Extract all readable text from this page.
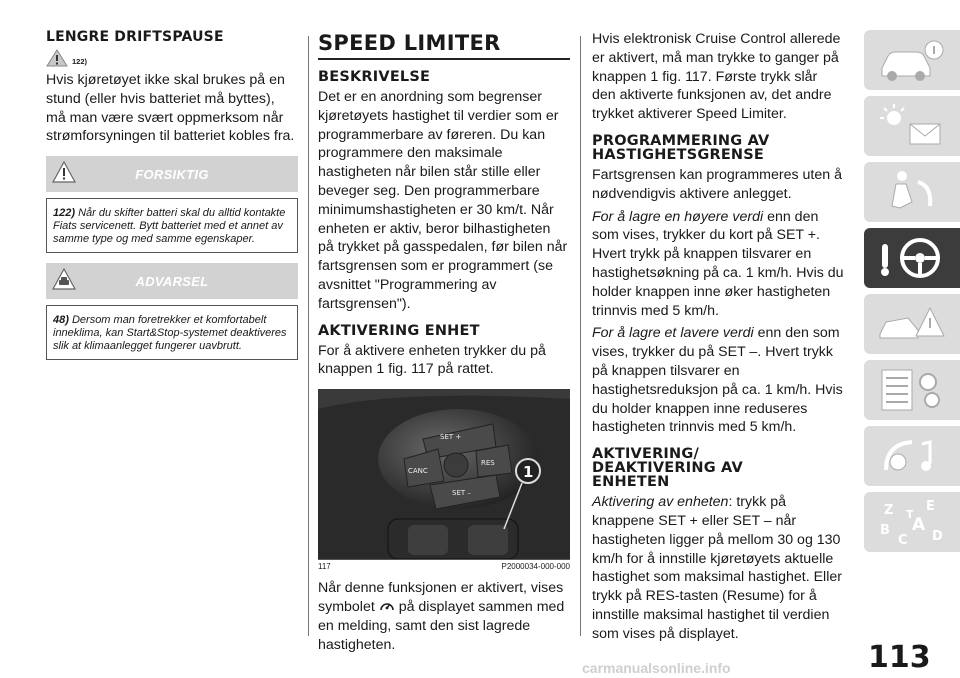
LENGRE DRIFTSPAUSE
122)

Hvis kjøretøyet ikke skal brukes på en stund (eller hvis batteriet må byttes), må man være svært oppmerksom når strømforsyningen til batteriet kobles fra.

FORSIKTIG
122) Når du skifter batteri skal du alltid kontakte Fiats servicenett. Bytt batteriet med et annet av samme type og med samme egenskaper.
ADVARSEL
48) Dersom man foretrekker et komfortabelt inneklima, kan Start&Stop-systemet deaktiveres slik at klimaanlegget fungerer uavbrutt.
SPEED LIMITER
BESKRIVELSE

Det er en anordning som begrenser kjøretøyets hastighet til verdier som er programmerbare av føreren. Du kan programmere den maksimale hastigheten når bilen står stille eller beveger seg. Den programmerbare minimumshastigheten er 30 km/t. Når enheten er aktiv, beror bilhastigheten på trykket på gasspedalen, før bilen når fartsgrensen som er programmert (se avsnittet "Programmering av fartsgrensen").

AKTIVERING ENHET

For å aktivere enheten trykker du på knappen 1 fig. 117 på rattet.

SET +
CANC
RES
SET –
1
117	P2000034-000-000

Når denne funksjonen er aktivert, vises symbolet på displayet sammen med en melding, samt den sist lagrede hastigheten.

Hvis elektronisk Cruise Control allerede er aktivert, må man trykke to ganger på knappen 1 fig. 117. Første trykk slår den aktiverte funksjonen av, det andre trykket aktiverer Speed Limiter.

PROGRAMMERING AV
HASTIGHETSGRENSE

Fartsgrensen kan programmeres uten å nødvendigvis aktivere anlegget.

For å lagre en høyere verdi enn den som vises, trykker du kort på SET +. Hvert trykk på knappen tilsvarer en hastighetsøkning på ca. 1 km/h. Hvis du holder knappen inne øker hastigheten trinnvis med 5 km/h.

For å lagre et lavere verdi enn den som vises, trykker du på SET –. Hvert trykk på knappen tilsvarer en hastighetsreduksjon på ca. 1 km/h. Hvis du holder knappen inne reduseres hastigheten trinnvis med 5 km/h.

AKTIVERING/
DEAKTIVERING AV
ENHETEN

Aktivering av enheten: trykk på knappene SET + eller SET – når hastigheten ligger på mellom 30 og 130 km/h for å innstille kjøretøyets aktuelle hastighet som maksimal hastighet. Eller trykk på RES-tasten (Resume) for å innstille maksimal hastighet til verdien som vises på displayet.

Z	E
B A
C
T
D
113
carmanualsonline.info
